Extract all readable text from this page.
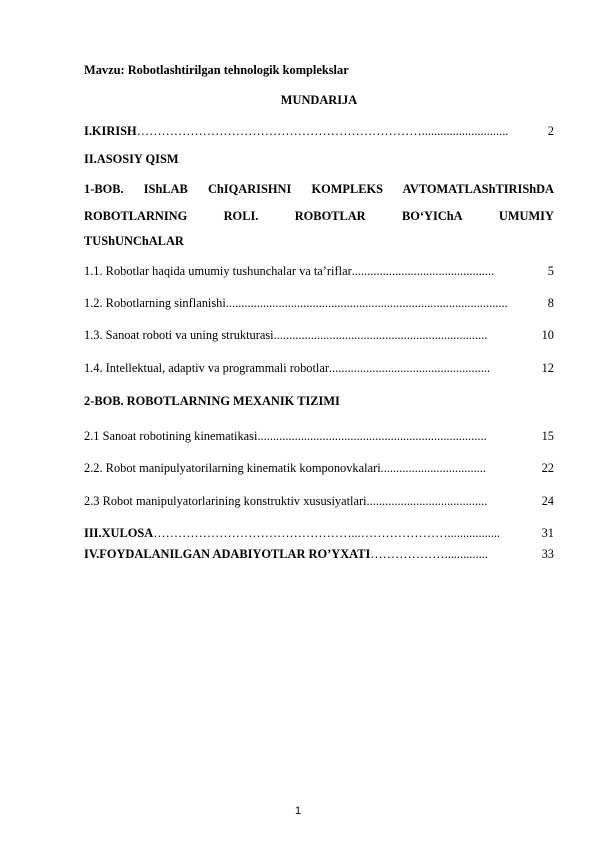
Mavzu: Robotlashtirilgan tehnologik komplekslar
MUNDARIJA
I.KIRISH ……………………………………………………………............................	2
II.ASOSIY QISM
1-BOB. IShLAB ChIQARISHNI KOMPLEKS AVTOMATLAShTIRIShDA
ROBOTLARNING	ROLI.	ROBOTLAR	BO‘YIChA	UMUMIY
TUShUNChALAR
1.1. Robotlar haqida umumiy tushunchalar va ta’riflar ..............................................	5
1.2. Robotlarning sinflanishi ...........................................................................................	8
1.3. Sanoat roboti va uning strukturasi .....................................................................	10
1.4. Intellektual, adaptiv va programmali robotlar ....................................................	12
2-BOB. ROBOTLARNING MEXANIK TIZIMI
2.1 Sanoat robotining kinematikasi ..........................................................................	15
2.2. Robot manipulyatorilarning kinematik komponovkalari ..................................	22
2.3 Robot manipulyatorlarining konstruktiv xususiyatlari .......................................	24
III.XULOSA …………………………………………...………………….................	31
IV.FOYDALANILGAN ADABIYOTLAR RO’YXATI ………………..............	33
1
